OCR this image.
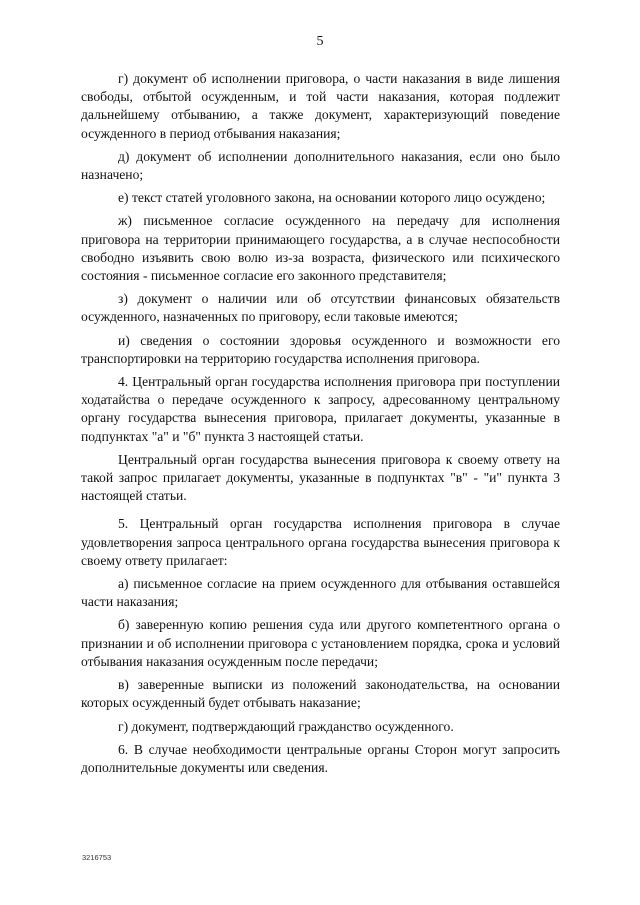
5

г) документ об исполнении приговора, о части наказания в виде лишения свободы, отбытой осужденным, и той части наказания, которая подлежит дальнейшему отбыванию, а также документ, характеризующий поведение осужденного в период отбывания наказания;

д) документ об исполнении дополнительного наказания, если оно было назначено;

е) текст статей уголовного закона, на основании которого лицо осуждено;

ж) письменное согласие осужденного на передачу для исполнения приговора на территории принимающего государства, а в случае неспособности свободно изъявить свою волю из-за возраста, физического или психического состояния - письменное согласие его законного представителя;

з) документ о наличии или об отсутствии финансовых обязательств осужденного, назначенных по приговору, если таковые имеются;

и) сведения о состоянии здоровья осужденного и возможности его транспортировки на территорию государства исполнения приговора.

4. Центральный орган государства исполнения приговора при поступлении ходатайства о передаче осужденного к запросу, адресованному центральному органу государства вынесения приговора, прилагает документы, указанные в подпунктах "а" и "б" пункта 3 настоящей статьи.

Центральный орган государства вынесения приговора к своему ответу на такой запрос прилагает документы, указанные в подпунктах "в" - "и" пункта 3 настоящей статьи.

5. Центральный орган государства исполнения приговора в случае удовлетворения запроса центрального органа государства вынесения приговора к своему ответу прилагает:

а) письменное согласие на прием осужденного для отбывания оставшейся части наказания;

б) заверенную копию решения суда или другого компетентного органа о признании и об исполнении приговора с установлением порядка, срока и условий отбывания наказания осужденным после передачи;

в) заверенные выписки из положений законодательства, на основании которых осужденный будет отбывать наказание;

г) документ, подтверждающий гражданство осужденного.

6. В случае необходимости центральные органы Сторон могут запросить дополнительные документы или сведения.

3216753
